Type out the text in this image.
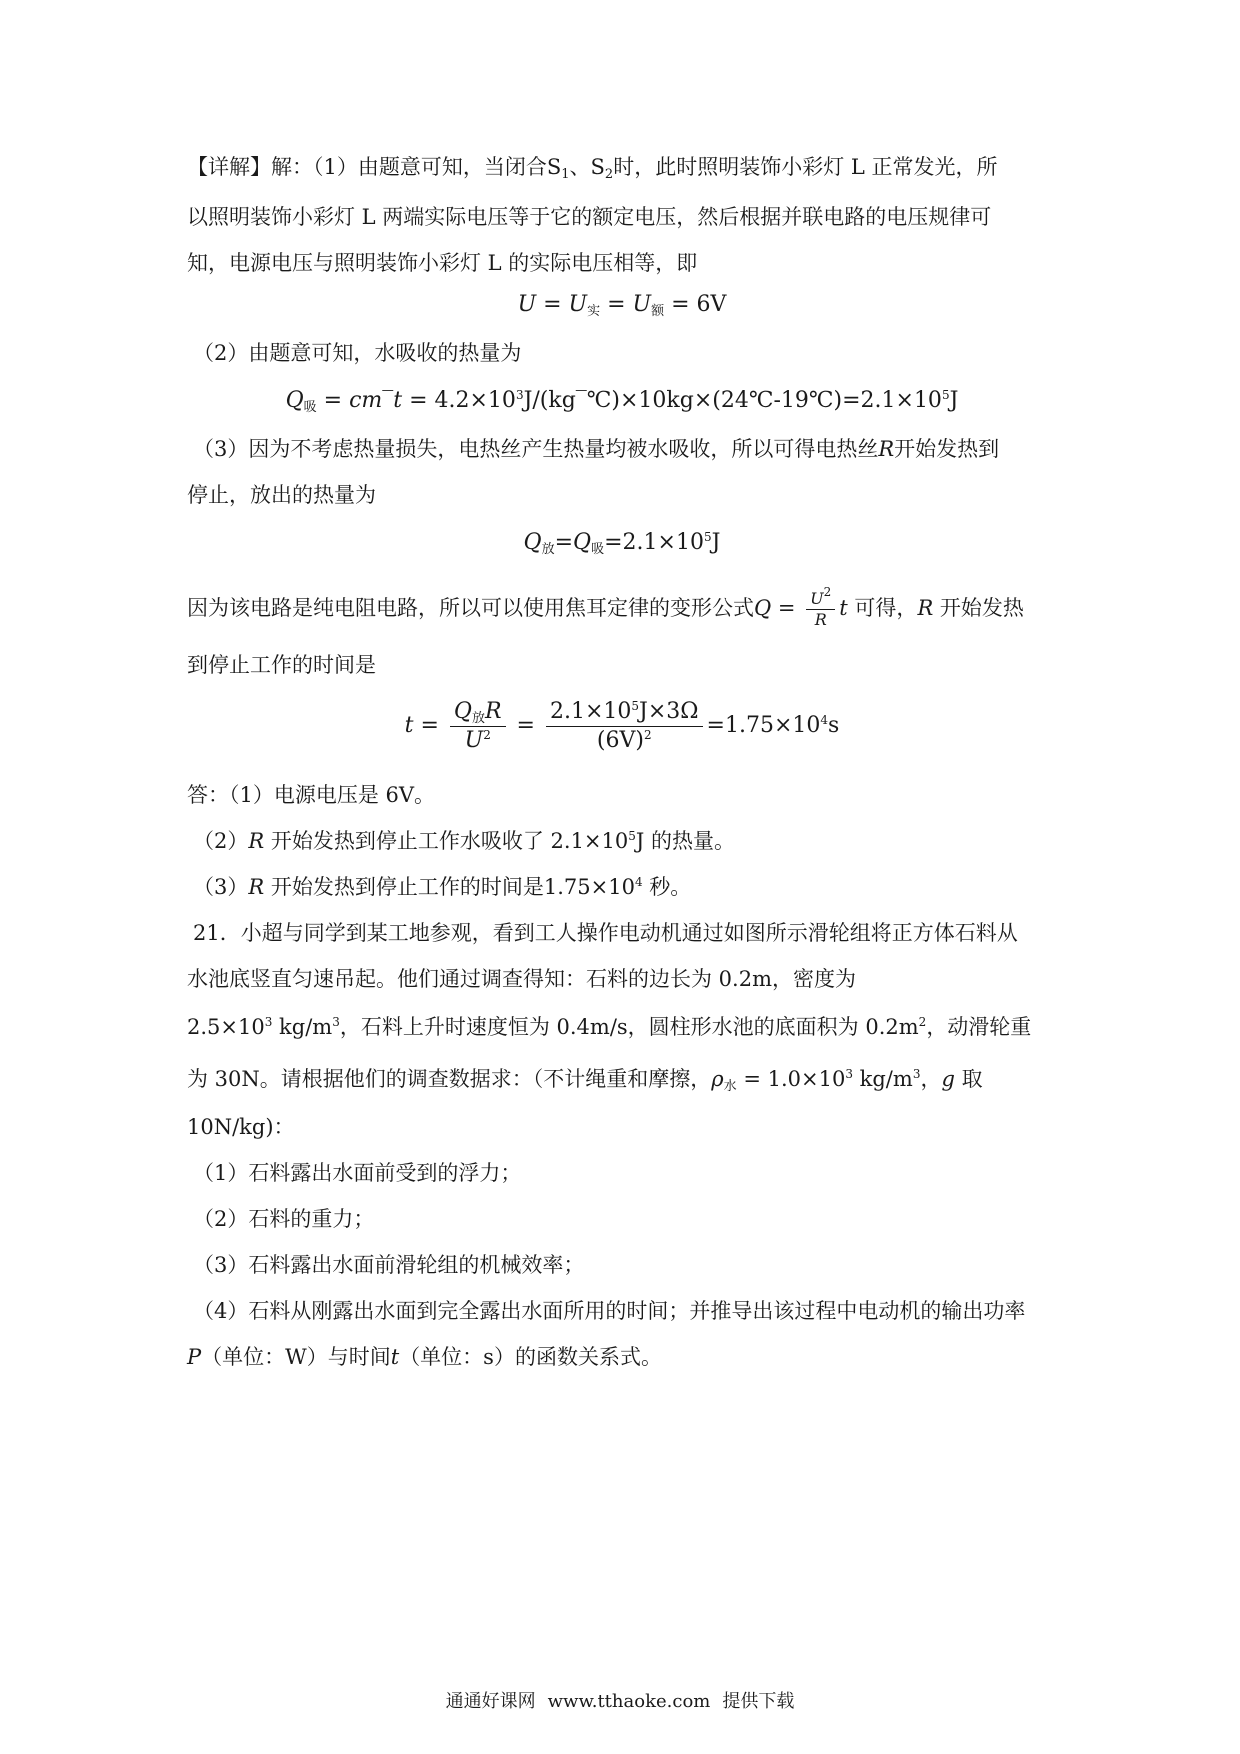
【详解】解：（1）由题意可知，当闭合$S_1$、$S_2$时，此时照明装饰小彩灯 L 正常发光，所
以照明装饰小彩灯 L 两端实际电压等于它的额定电压，然后根据并联电路的电压规律可
知，电源电压与照明装饰小彩灯 L 的实际电压相等，即
$U = U_实 = U_额 = 6V$
（2）由题意可知，水吸收的热量为
$Q_吸$ = cm‾t = $4.2\times 10^3J/(kg‾℃)\times 10kg\times(24℃-19℃)=2.1\times 10^5J$
（3）因为不考虑热量损失，电热丝产生热量均被水吸收，所以可得电热丝R开始发热到
停止，放出的热量为
$Q_放=Q_吸=2.1\times 10^5J$
因为该电路是纯电阻电路，所以可以使用焦耳定律的变形公式$Q = \frac{U^2}{R}$ t 可得，R 开始发热
到停止工作的时间是
$t = \frac{Q_放R}{U^2} = \frac{2.1\times 10^5J\times 3\Omega}{(6V)^2} =1.75\times 10^4s$
答：（1）电源电压是 6V。
（2）R 开始发热到停止工作水吸收了 $2.1\times 10^5J$ 的热量。
（3）R 开始发热到停止工作的时间是$1.75\times 10^4$ 秒。
21．小超与同学到某工地参观，看到工人操作电动机通过如图所示滑轮组将正方体石料从
水池底竖直匀速吊起。他们通过调查得知：石料的边长为 0.2m，密度为
$2.5\times 10^3$ $kg/m^3$，石料上升时速度恒为 0.4m/s，圆柱形水池的底面积为 $0.2m^2$，动滑轮重
为 30N。请根据他们的调查数据求：（不计绳重和摩擦，$\rho_水 = 1.0\times 10^3$ $kg/m^3$，g 取
10N/kg)：
（1）石料露出水面前受到的浮力；
（2）石料的重力；
（3）石料露出水面前滑轮组的机械效率；
（4）石料从刚露出水面到完全露出水面所用的时间；并推导出该过程中电动机的输出功率
P（单位：W）与时间t（单位：s）的函数关系式。
通通好课网 www.tthaoke.com 提供下载
